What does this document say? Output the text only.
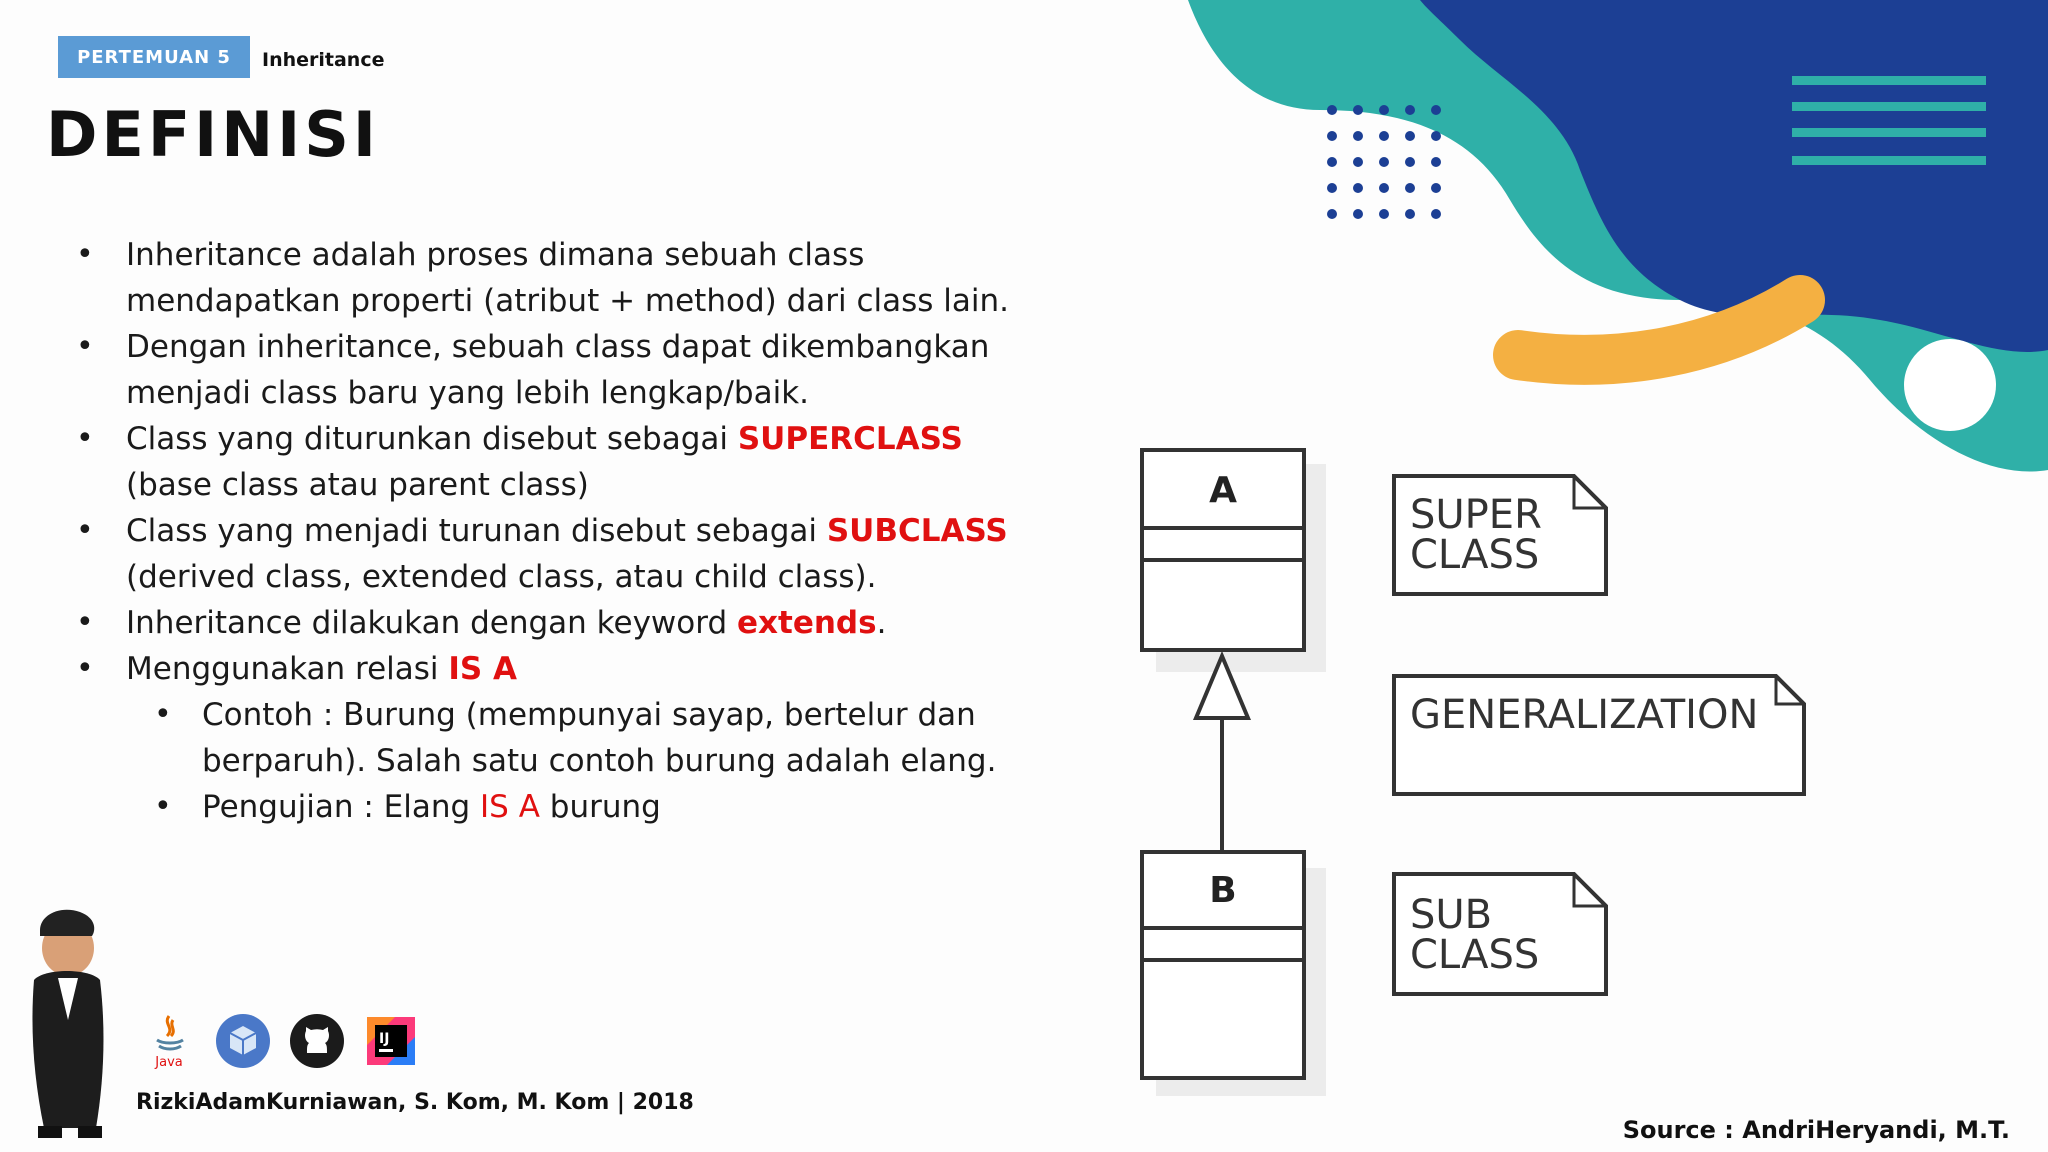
PERTEMUAN 5	Inheritance
DEFINISI
• Inheritance adalah proses dimana sebuah class mendapatkan properti (atribut + method) dari class lain.
• Dengan inheritance, sebuah class dapat dikembangkan menjadi class baru yang lebih lengkap/baik.
• Class yang diturunkan disebut sebagai SUPERCLASS (base class atau parent class)
• Class yang menjadi turunan disebut sebagai SUBCLASS (derived class, extended class, atau child class).
• Inheritance dilakukan dengan keyword extends.
• Menggunakan relasi IS A
• Contoh : Burung (mempunyai sayap, bertelur dan berparuh). Salah satu contoh burung adalah elang.
• Pengujian : Elang IS A burung
A
B
SUPER
CLASS
GENERALIZATION
SUB
CLASS
Java
IJ
RizkiAdamKurniawan, S. Kom, M. Kom | 2018
Source : AndriHeryandi, M.T.
